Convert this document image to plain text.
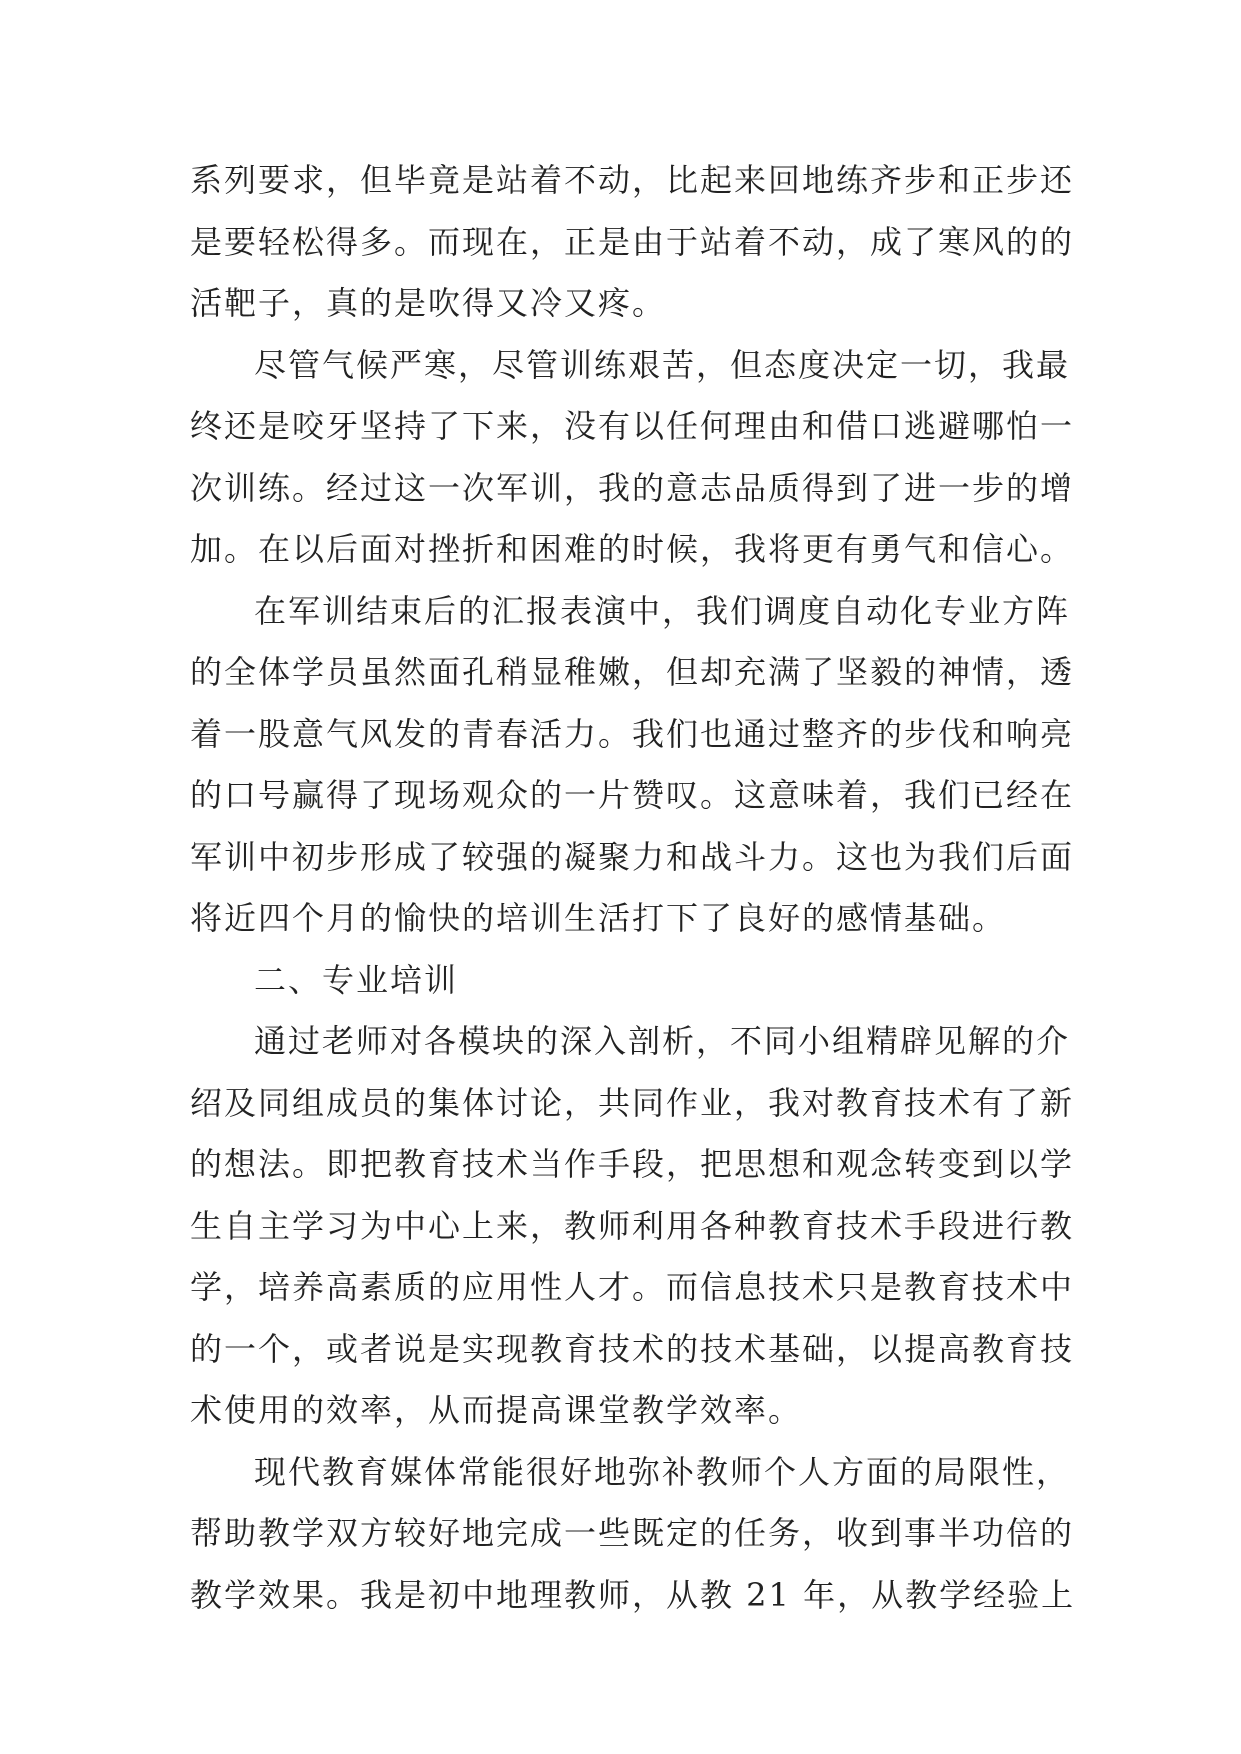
系列要求，但毕竟是站着不动，比起来回地练齐步和正步还
是要轻松得多。而现在，正是由于站着不动，成了寒风的的
活靶子，真的是吹得又冷又疼。
尽管气候严寒，尽管训练艰苦，但态度决定一切，我最
终还是咬牙坚持了下来，没有以任何理由和借口逃避哪怕一
次训练。经过这一次军训，我的意志品质得到了进一步的增
加。在以后面对挫折和困难的时候，我将更有勇气和信心。
在军训结束后的汇报表演中，我们调度自动化专业方阵
的全体学员虽然面孔稍显稚嫩，但却充满了坚毅的神情，透
着一股意气风发的青春活力。我们也通过整齐的步伐和响亮
的口号赢得了现场观众的一片赞叹。这意味着，我们已经在
军训中初步形成了较强的凝聚力和战斗力。这也为我们后面
将近四个月的愉快的培训生活打下了良好的感情基础。
二、专业培训
通过老师对各模块的深入剖析，不同小组精辟见解的介
绍及同组成员的集体讨论，共同作业，我对教育技术有了新
的想法。即把教育技术当作手段，把思想和观念转变到以学
生自主学习为中心上来，教师利用各种教育技术手段进行教
学，培养高素质的应用性人才。而信息技术只是教育技术中
的一个，或者说是实现教育技术的技术基础，以提高教育技
术使用的效率，从而提高课堂教学效率。
现代教育媒体常能很好地弥补教师个人方面的局限性，
帮助教学双方较好地完成一些既定的任务，收到事半功倍的
教学效果。我是初中地理教师，从教 21 年，从教学经验上
